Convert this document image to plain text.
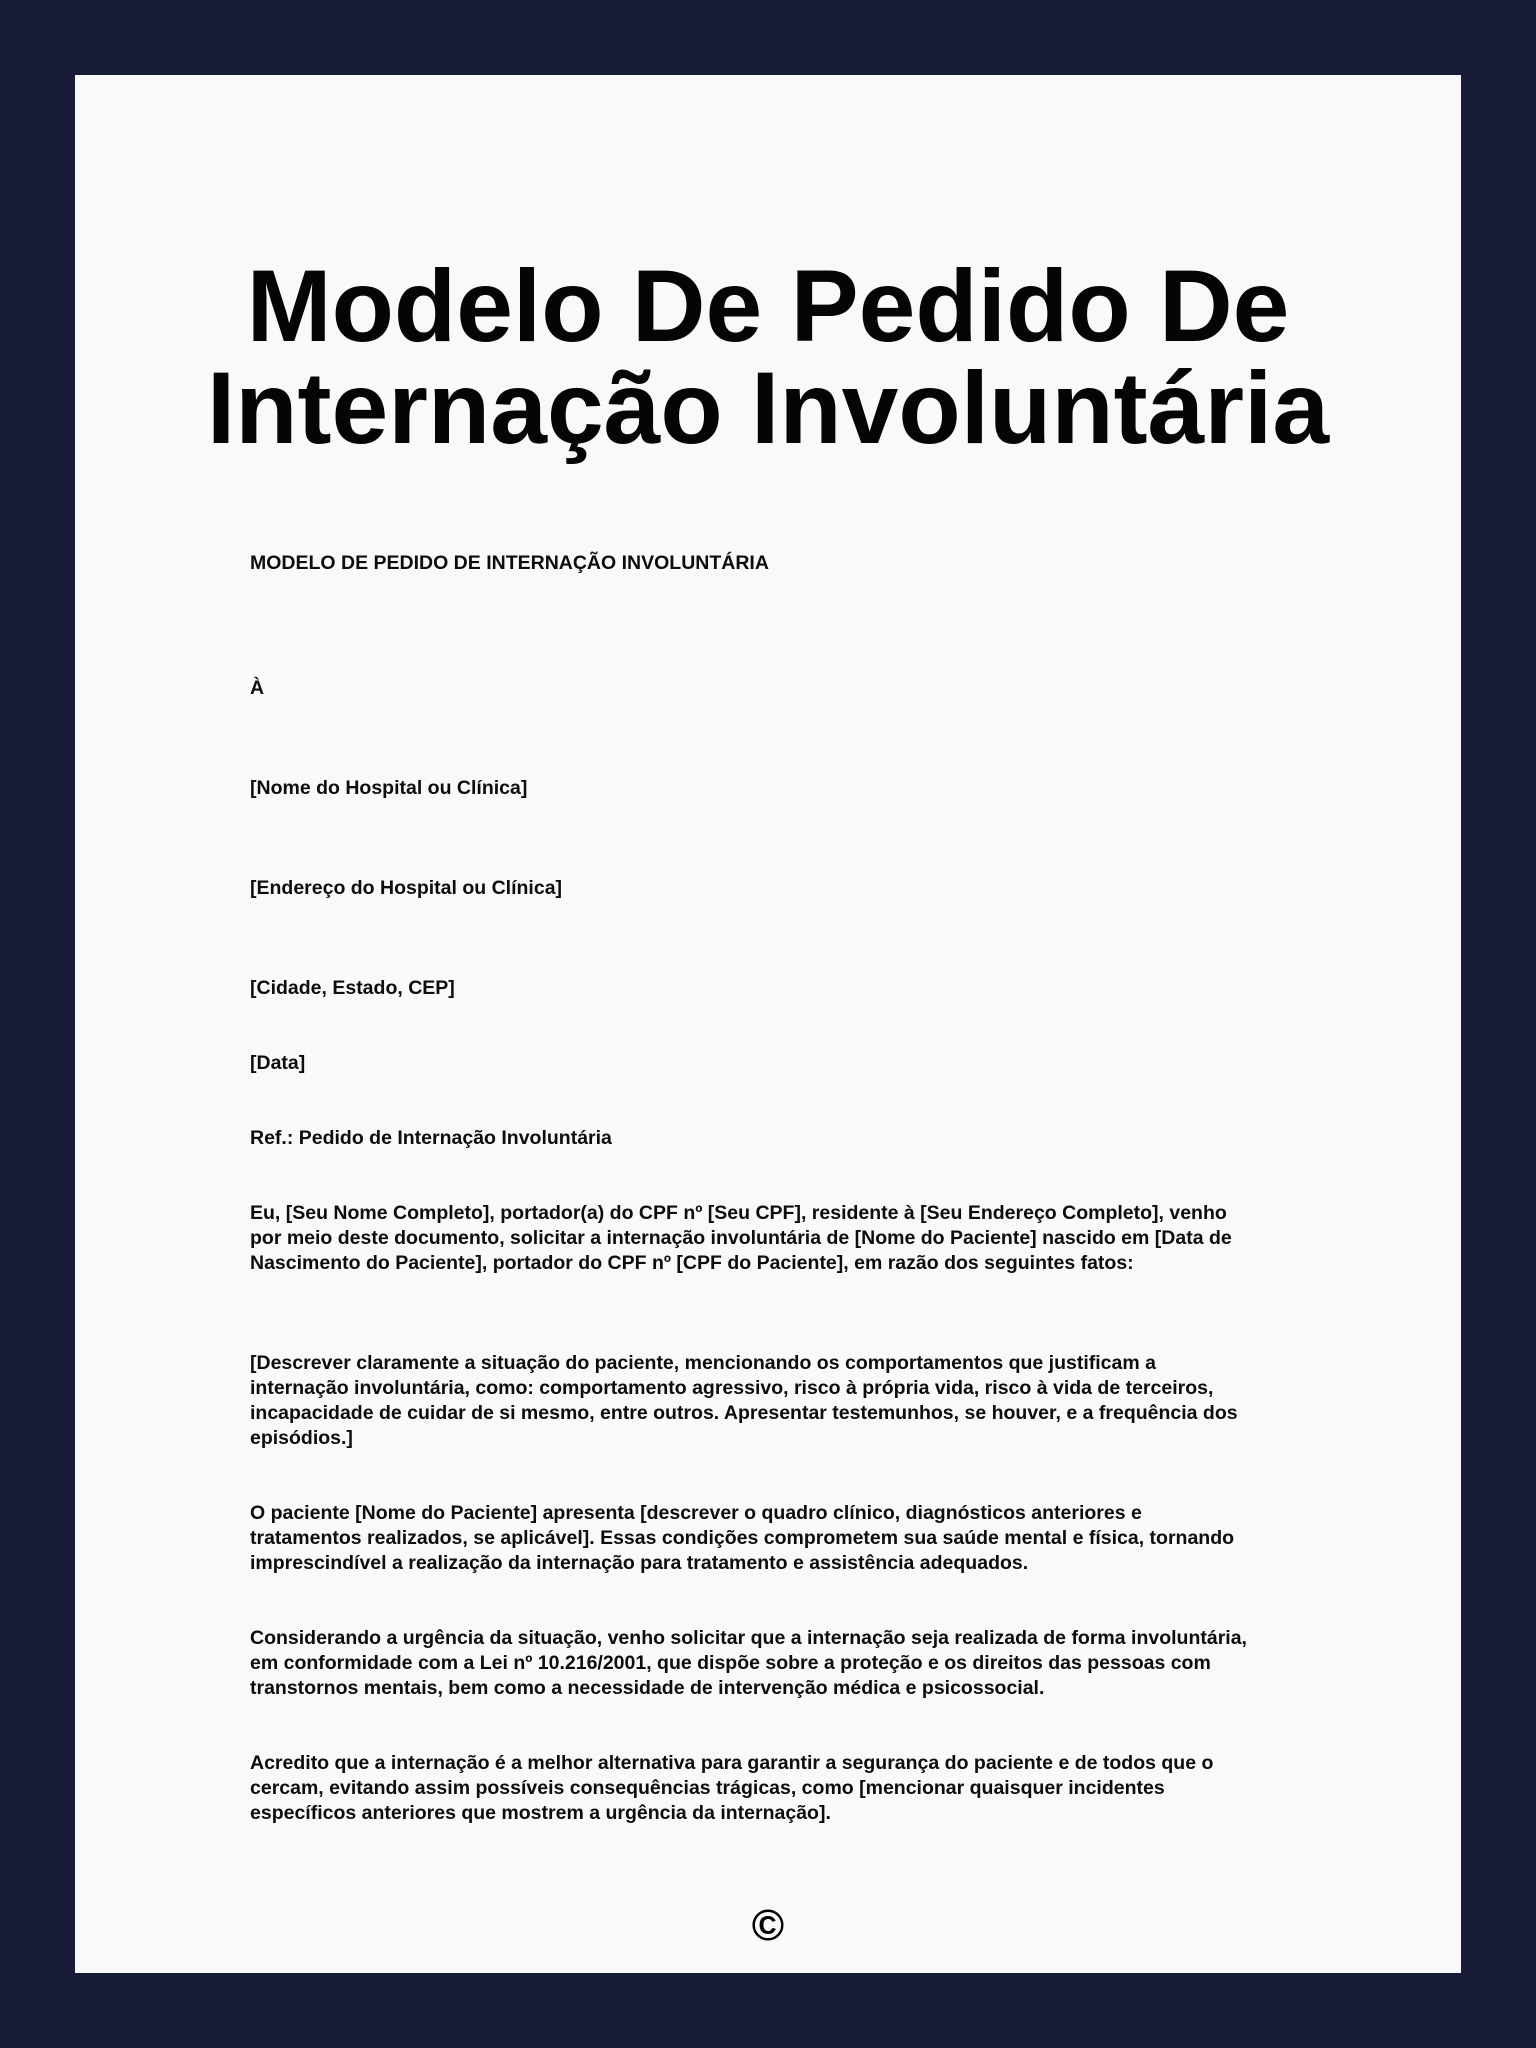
Modelo De Pedido De
Internação Involuntária

MODELO DE PEDIDO DE INTERNAÇÃO INVOLUNTÁRIA

À

[Nome do Hospital ou Clínica]

[Endereço do Hospital ou Clínica]

[Cidade, Estado, CEP]

[Data]

Ref.: Pedido de Internação Involuntária

Eu, [Seu Nome Completo], portador(a) do CPF nº [Seu CPF], residente à [Seu Endereço Completo], venho
por meio deste documento, solicitar a internação involuntária de [Nome do Paciente] nascido em [Data de
Nascimento do Paciente], portador do CPF nº [CPF do Paciente], em razão dos seguintes fatos:
[Descrever claramente a situação do paciente, mencionando os comportamentos que justificam a
internação involuntária, como: comportamento agressivo, risco à própria vida, risco à vida de terceiros,
incapacidade de cuidar de si mesmo, entre outros. Apresentar testemunhos, se houver, e a frequência dos
episódios.]
O paciente [Nome do Paciente] apresenta [descrever o quadro clínico, diagnósticos anteriores e
tratamentos realizados, se aplicável]. Essas condições comprometem sua saúde mental e física, tornando
imprescindível a realização da internação para tratamento e assistência adequados.
Considerando a urgência da situação, venho solicitar que a internação seja realizada de forma involuntária,
em conformidade com a Lei nº 10.216/2001, que dispõe sobre a proteção e os direitos das pessoas com
transtornos mentais, bem como a necessidade de intervenção médica e psicossocial.
Acredito que a internação é a melhor alternativa para garantir a segurança do paciente e de todos que o
cercam, evitando assim possíveis consequências trágicas, como [mencionar quaisquer incidentes
específicos anteriores que mostrem a urgência da internação].
©
